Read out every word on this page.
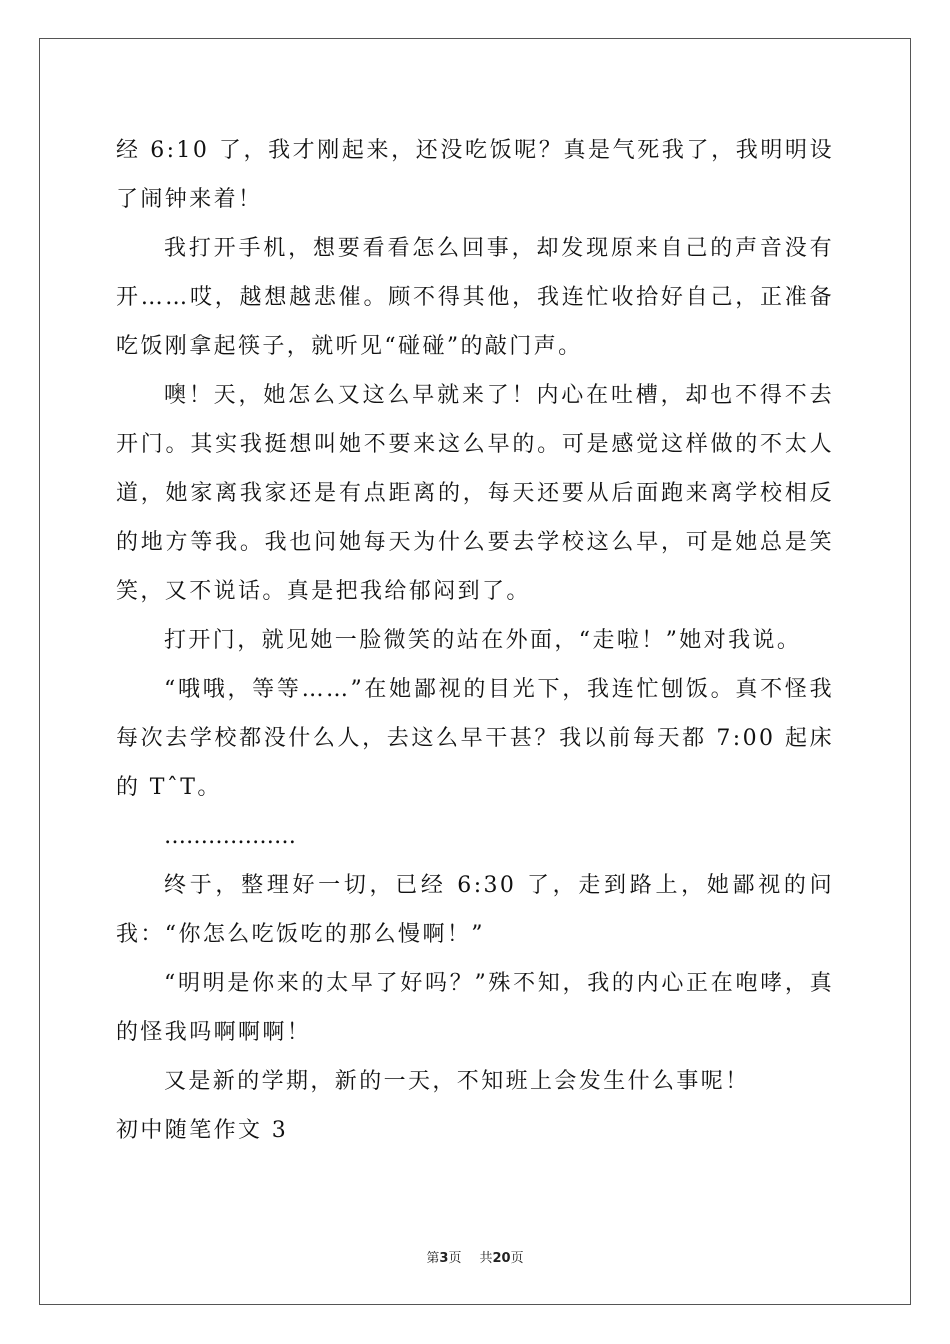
经 6:10 了，我才刚起来，还没吃饭呢？真是气死我了，我明明设了闹钟来着！

我打开手机，想要看看怎么回事，却发现原来自己的声音没有开……哎，越想越悲催。顾不得其他，我连忙收拾好自己，正准备吃饭刚拿起筷子，就听见“碰碰”的敲门声。

噢！天，她怎么又这么早就来了！内心在吐槽，却也不得不去开门。其实我挺想叫她不要来这么早的。可是感觉这样做的不太人道，她家离我家还是有点距离的，每天还要从后面跑来离学校相反的地方等我。我也问她每天为什么要去学校这么早，可是她总是笑笑，又不说话。真是把我给郁闷到了。

打开门，就见她一脸微笑的站在外面，“走啦！”她对我说。

“哦哦，等等……”在她鄙视的目光下，我连忙刨饭。真不怪我每次去学校都没什么人，去这么早干甚？我以前每天都 7:00 起床的 TˆT。

………………

终于，整理好一切，已经 6:30 了，走到路上，她鄙视的问我：“你怎么吃饭吃的那么慢啊！”

“明明是你来的太早了好吗？”殊不知，我的内心正在咆哮，真的怪我吗啊啊啊！

又是新的学期，新的一天，不知班上会发生什么事呢！

初中随笔作文 3

第3页 共20页
